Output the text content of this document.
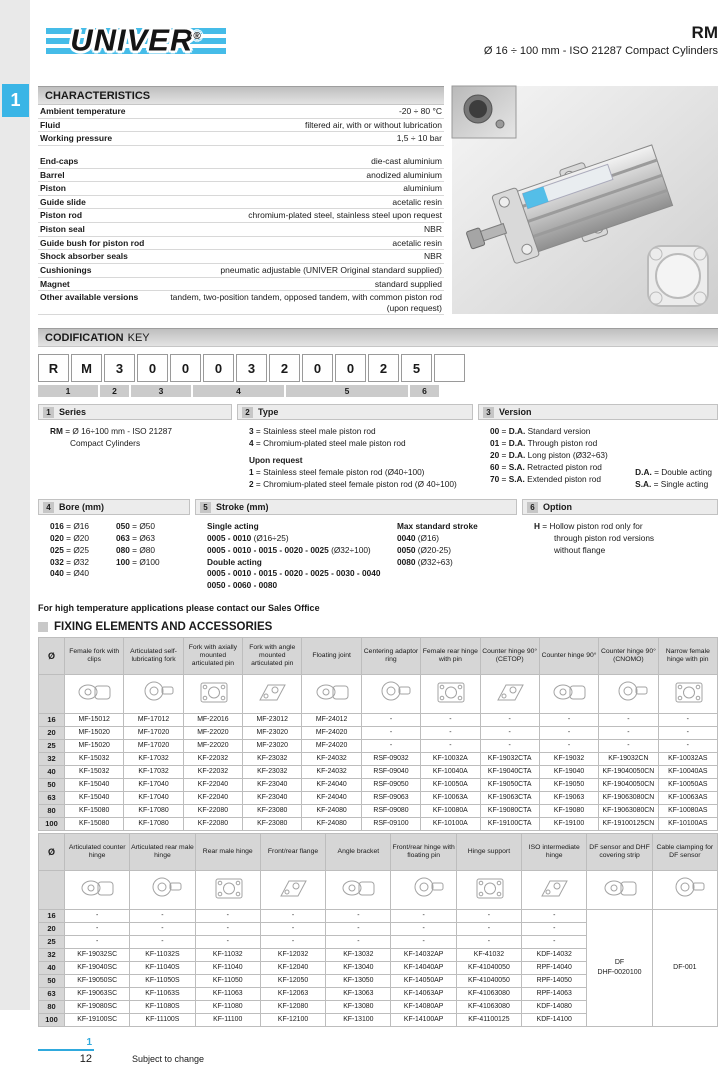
1
UNIVER®	RM
Ø 16 ÷ 100 mm - ISO 21287 Compact Cylinders
CHARACTERISTICS
Ambient temperature	-20 ÷ 80 °C
Fluid	filtered air, with or without lubrication
Working pressure	1,5 ÷ 10 bar
End-caps	die-cast aluminium
Barrel	anodized aluminium
Piston	aluminium
Guide slide	acetalic resin
Piston rod	chromium-plated steel, stainless steel upon request
Piston seal	NBR
Guide bush for piston rod	acetalic resin
Shock absorber seals	NBR
Cushionings	pneumatic adjustable (UNIVER Original standard supplied)
Magnet	standard supplied
Other available versions	tandem, two-position tandem, opposed tandem, with common piston rod (upon request)
CODIFICATION KEY
R	M	3	0	0	0	3	2	0	0	2	5
1	2	3	4	5	6
1 Series
RM = Ø 16÷100 mm - ISO 21287
Compact Cylinders
2 Type
3 = Stainless steel male piston rod
4 = Chromium-plated steel male piston rod
Upon request
1 = Stainless steel female piston rod (Ø40÷100)
2 = Chromium-plated steel female piston rod (Ø 40÷100)
3 Version
00 = D.A. Standard version
01 = D.A. Through piston rod
20 = D.A. Long piston (Ø32÷63)
60 = S.A. Retracted piston rod
70 = S.A. Extended piston rod
D.A. = Double acting
S.A. = Single acting
4 Bore (mm)
016 = Ø16
020 = Ø20
025 = Ø25
032 = Ø32
040 = Ø40
050 = Ø50
063 = Ø63
080 = Ø80
100 = Ø100
5 Stroke (mm)
Single acting
0005 - 0010 (Ø16÷25)
0005 - 0010 - 0015 - 0020 - 0025 (Ø32÷100)
Double acting
0005 - 0010 - 0015 - 0020 - 0025 - 0030 - 0040
0050 - 0060 - 0080
Max standard stroke
0040 (Ø16)
0050 (Ø20-25)
0080 (Ø32÷63)
6 Option
H = Hollow piston rod only for
through piston rod versions
without flange
For high temperature applications please contact our Sales Office
FIXING ELEMENTS AND ACCESSORIES
Ø	Female fork with clips	Articulated self-lubricating fork	Fork with axially mounted articulated pin	Fork with angle mounted articulated pin	Floating joint	Centering adaptor ring	Female rear hinge with pin	Counter hinge 90° (CETOP)	Counter hinge 90°	Counter hinge 90° (CNOMO)	Narrow female hinge with pin

16	MF-15012	MF-17012	MF-22016	MF-23012	MF-24012	-	-	-	-	-	-
20	MF-15020	MF-17020	MF-22020	MF-23020	MF-24020	-	-	-	-	-	-
25	MF-15020	MF-17020	MF-22020	MF-23020	MF-24020	-	-	-	-	-	-
32	KF-15032	KF-17032	KF-22032	KF-23032	KF-24032	RSF-09032	KF-10032A	KF-19032CTA	KF-19032	KF-19032CN	KF-10032AS
40	KF-15032	KF-17032	KF-22032	KF-23032	KF-24032	RSF-09040	KF-10040A	KF-19040CTA	KF-19040	KF-19040050CN	KF-10040AS
50	KF-15040	KF-17040	KF-22040	KF-23040	KF-24040	RSF-09050	KF-10050A	KF-19050CTA	KF-19050	KF-19040050CN	KF-10050AS
63	KF-15040	KF-17040	KF-22040	KF-23040	KF-24040	RSF-09063	KF-10063A	KF-19063CTA	KF-19063	KF-19063080CN	KF-10063AS
80	KF-15080	KF-17080	KF-22080	KF-23080	KF-24080	RSF-09080	KF-10080A	KF-19080CTA	KF-19080	KF-19063080CN	KF-10080AS
100	KF-15080	KF-17080	KF-22080	KF-23080	KF-24080	RSF-09100	KF-10100A	KF-19100CTA	KF-19100	KF-19100125CN	KF-10100AS
Ø	Articulated counter hinge	Articulated rear male hinge	Rear male hinge	Front/rear flange	Angle bracket	Front/rear hinge with floating pin	Hinge support	ISO intermediate hinge	DF sensor and DHF covering strip	Cable clamping for DF sensor

16	-	-	-	-	-	-	-	-	DF
DHF-0020100	DF-001
20	-	-	-	-	-	-	-	-		
25	-	-	-	-	-	-	-	-		
32	KF-19032SC	KF-11032S	KF-11032	KF-12032	KF-13032	KF-14032AP	KF-41032	KDF-14032		
40	KF-19040SC	KF-11040S	KF-11040	KF-12040	KF-13040	KF-14040AP	KF-41040050	RPF-14040		
50	KF-19050SC	KF-11050S	KF-11050	KF-12050	KF-13050	KF-14050AP	KF-41040050	RPF-14050		
63	KF-19063SC	KF-11063S	KF-11063	KF-12063	KF-13063	KF-14063AP	KF-41063080	RPF-14063		
80	KF-19080SC	KF-11080S	KF-11080	KF-12080	KF-13080	KF-14080AP	KF-41063080	KDF-14080		
100	KF-19100SC	KF-11100S	KF-11100	KF-12100	KF-13100	KF-14100AP	KF-41100125	KDF-14100		
1
12	Subject to change
